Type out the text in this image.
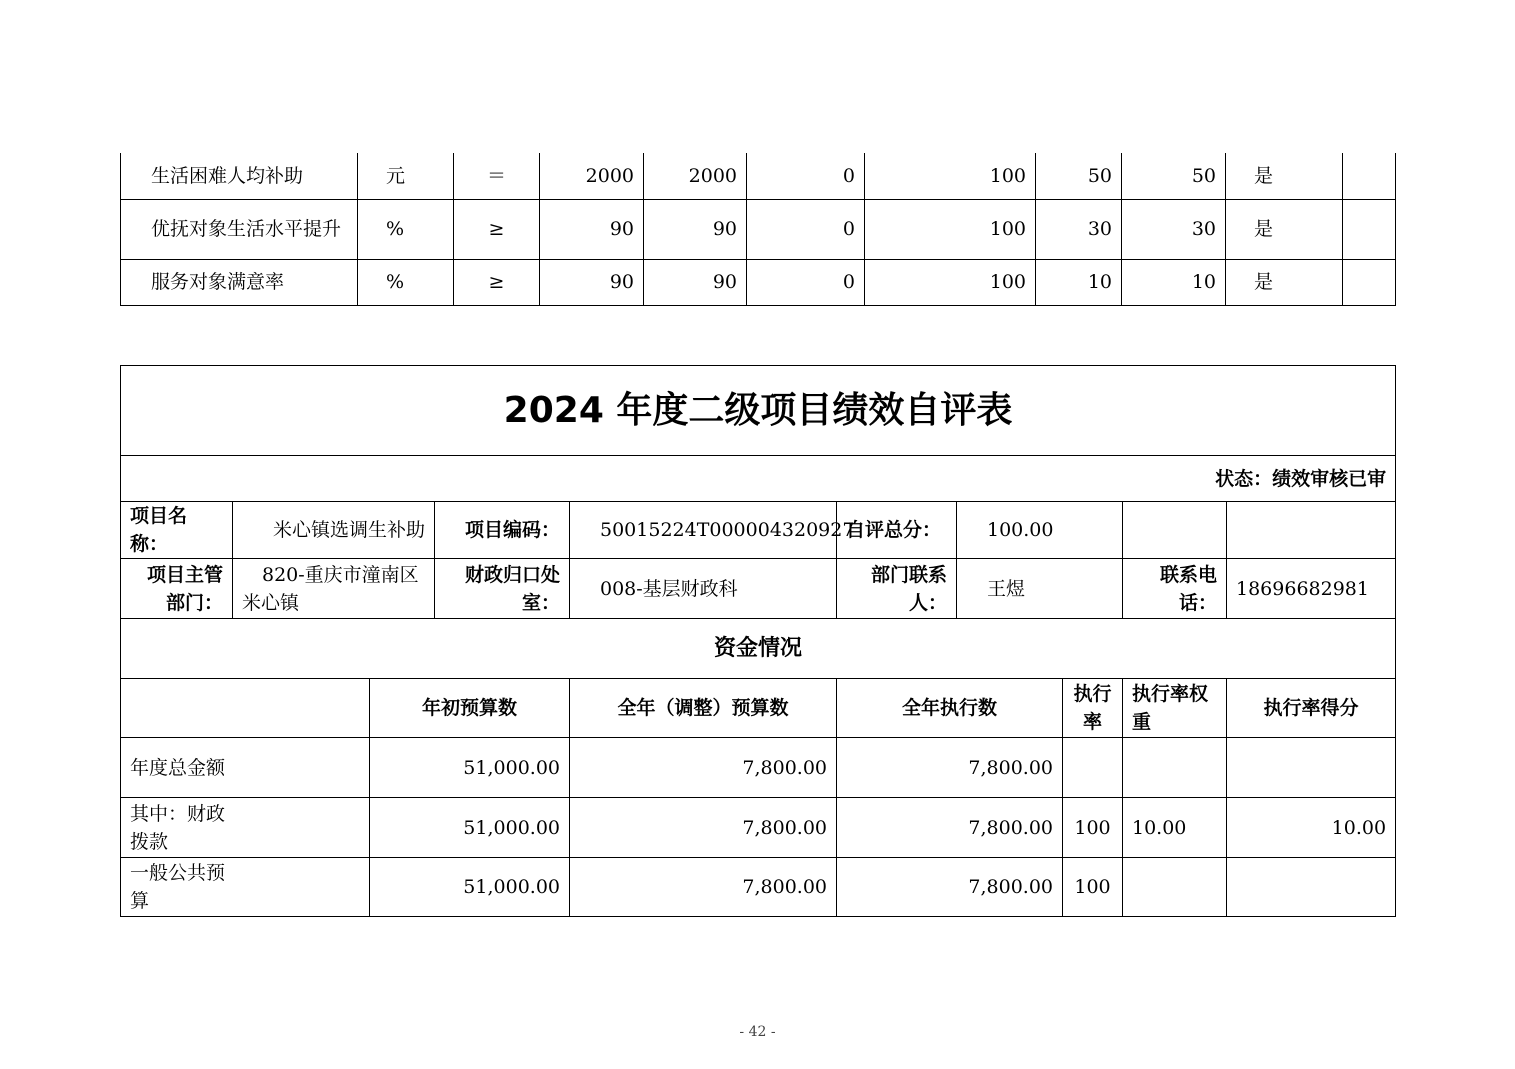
生活困难人均补助	元	＝	2000	2000	0	100	50	50	是	
优抚对象生活水平提升	%	≥	90	90	0	100	30	30	是	
服务对象满意率	%	≥	90	90	0	100	10	10	是	
2024 年度二级项目绩效自评表									
状态：绩效审核已审									
项目名称：	米心镇选调生补助		项目编码：	50015224T000004320927	自评总分：	100.00			
项目主管部门：	820-重庆市潼南区米心镇		财政归口处室：	008-基层财政科	部门联系人：	王煜		联系电话：	18696682981
资金情况									
		年初预算数		全年（调整）预算数	全年执行数		执行率	执行率权重	执行率得分
年度总金额		51,000.00		7,800.00	7,800.00				
其中：财政拨款		51,000.00		7,800.00	7,800.00		100	10.00	10.00
一般公共预算		51,000.00		7,800.00	7,800.00		100		
- 42 -
